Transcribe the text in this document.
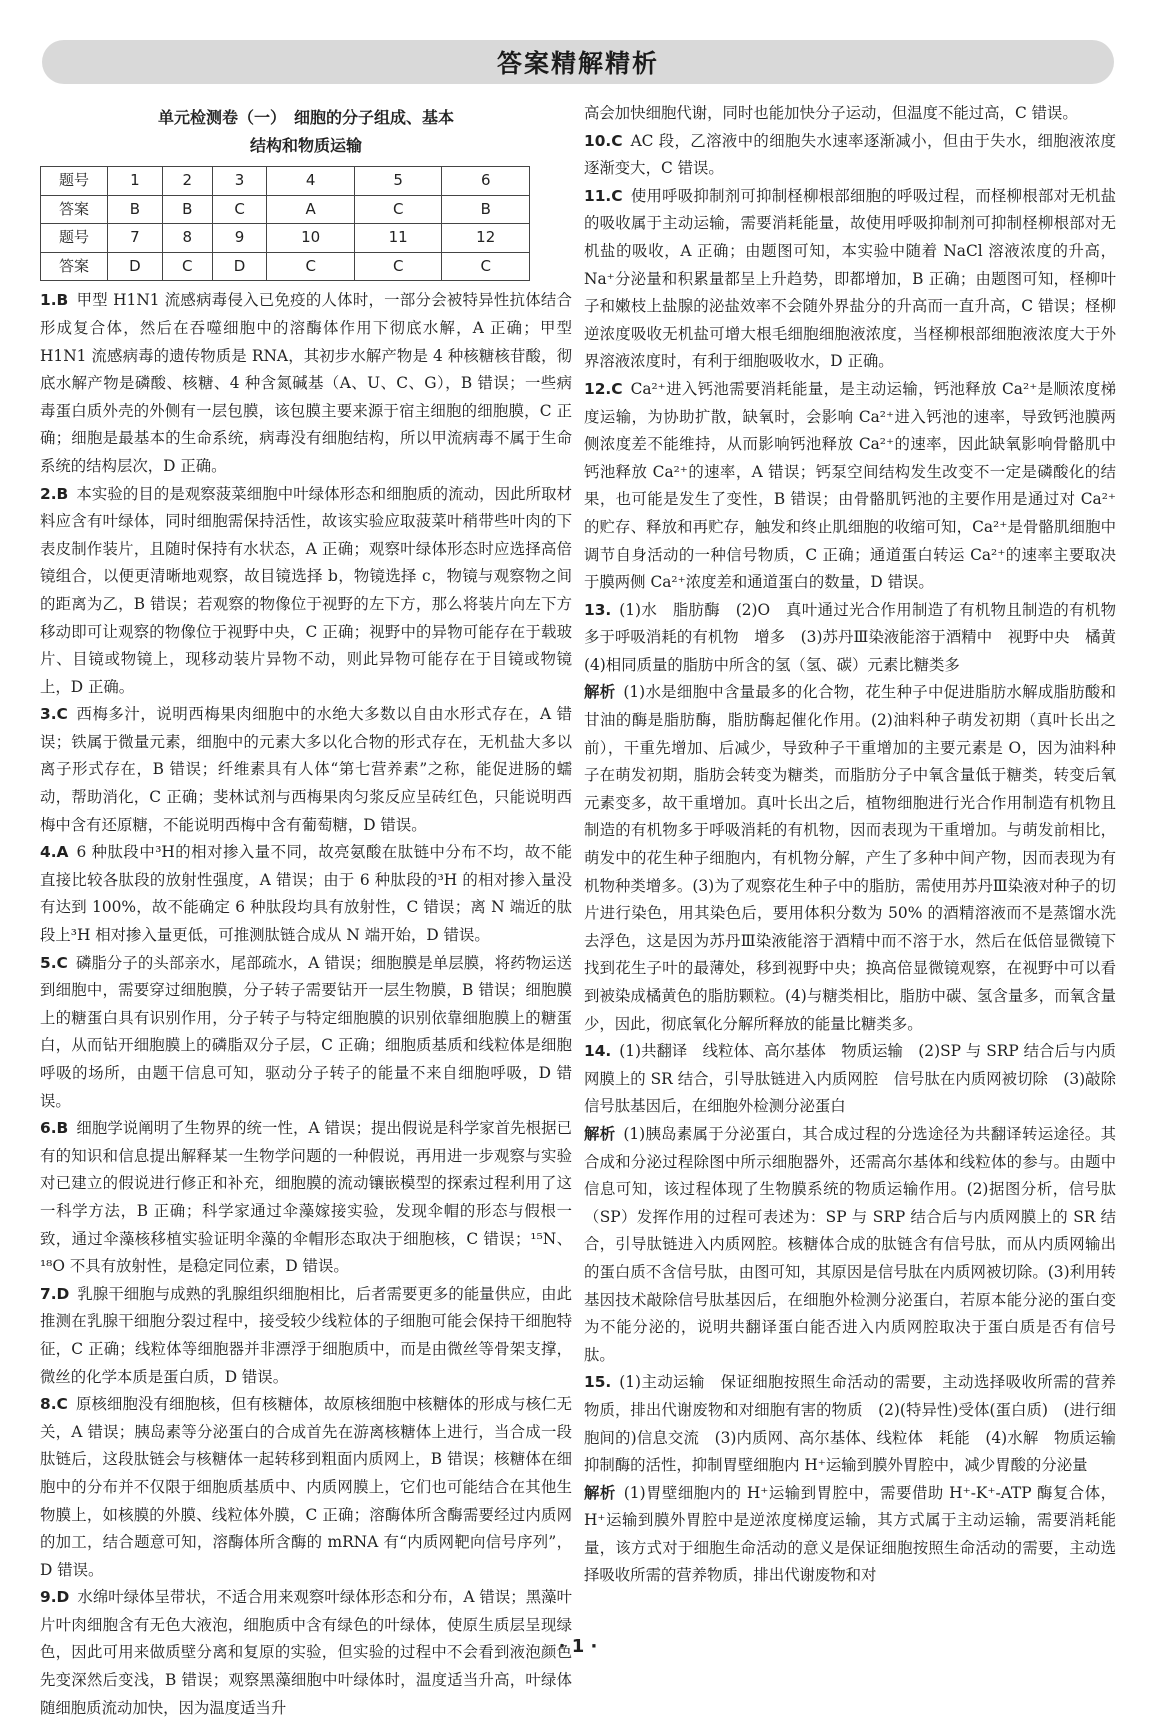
答案精解精析
单元检测卷（一）　细胞的分子组成、基本
结构和物质运输
题号	1	2	3	4	5	6
答案	B	B	C	A	C	B
题号	7	8	9	10	11	12
答案	D	C	D	C	C	C

1.B 甲型 H1N1 流感病毒侵入已免疫的人体时，一部分会被特异性抗体结合形成复合体，然后在吞噬细胞中的溶酶体作用下彻底水解，A 正确；甲型 H1N1 流感病毒的遗传物质是 RNA，其初步水解产物是 4 种核糖核苷酸，彻底水解产物是磷酸、核糖、4 种含氮碱基（A、U、C、G），B 错误；一些病毒蛋白质外壳的外侧有一层包膜，该包膜主要来源于宿主细胞的细胞膜，C 正确；细胞是最基本的生命系统，病毒没有细胞结构，所以甲流病毒不属于生命系统的结构层次，D 正确。

2.B 本实验的目的是观察菠菜细胞中叶绿体形态和细胞质的流动，因此所取材料应含有叶绿体，同时细胞需保持活性，故该实验应取菠菜叶稍带些叶肉的下表皮制作装片，且随时保持有水状态，A 正确；观察叶绿体形态时应选择高倍镜组合，以便更清晰地观察，故目镜选择 b，物镜选择 c，物镜与观察物之间的距离为乙，B 错误；若观察的物像位于视野的左下方，那么将装片向左下方移动即可让观察的物像位于视野中央，C 正确；视野中的异物可能存在于载玻片、目镜或物镜上，现移动装片异物不动，则此异物可能存在于目镜或物镜上，D 正确。

3.C 西梅多汁，说明西梅果肉细胞中的水绝大多数以自由水形式存在，A 错误；铁属于微量元素，细胞中的元素大多以化合物的形式存在，无机盐大多以离子形式存在，B 错误；纤维素具有人体“第七营养素”之称，能促进肠的蠕动，帮助消化，C 正确；斐林试剂与西梅果肉匀浆反应呈砖红色，只能说明西梅中含有还原糖，不能说明西梅中含有葡萄糖，D 错误。

4.A 6 种肽段中³H的相对掺入量不同，故亮氨酸在肽链中分布不均，故不能直接比较各肽段的放射性强度，A 错误；由于 6 种肽段的³H 的相对掺入量没有达到 100%，故不能确定 6 种肽段均具有放射性，C 错误；离 N 端近的肽段上³H 相对掺入量更低，可推测肽链合成从 N 端开始，D 错误。

5.C 磷脂分子的头部亲水，尾部疏水，A 错误；细胞膜是单层膜，将药物运送到细胞中，需要穿过细胞膜，分子转子需要钻开一层生物膜，B 错误；细胞膜上的糖蛋白具有识别作用，分子转子与特定细胞膜的识别依靠细胞膜上的糖蛋白，从而钻开细胞膜上的磷脂双分子层，C 正确；细胞质基质和线粒体是细胞呼吸的场所，由题干信息可知，驱动分子转子的能量不来自细胞呼吸，D 错误。

6.B 细胞学说阐明了生物界的统一性，A 错误；提出假说是科学家首先根据已有的知识和信息提出解释某一生物学问题的一种假说，再用进一步观察与实验对已建立的假说进行修正和补充，细胞膜的流动镶嵌模型的探索过程利用了这一科学方法，B 正确；科学家通过伞藻嫁接实验，发现伞帽的形态与假根一致，通过伞藻核移植实验证明伞藻的伞帽形态取决于细胞核，C 错误；¹⁵N、¹⁸O 不具有放射性，是稳定同位素，D 错误。

7.D 乳腺干细胞与成熟的乳腺组织细胞相比，后者需要更多的能量供应，由此推测在乳腺干细胞分裂过程中，接受较少线粒体的子细胞可能会保持干细胞特征，C 正确；线粒体等细胞器并非漂浮于细胞质中，而是由微丝等骨架支撑，微丝的化学本质是蛋白质，D 错误。

8.C 原核细胞没有细胞核，但有核糖体，故原核细胞中核糖体的形成与核仁无关，A 错误；胰岛素等分泌蛋白的合成首先在游离核糖体上进行，当合成一段肽链后，这段肽链会与核糖体一起转移到粗面内质网上，B 错误；核糖体在细胞中的分布并不仅限于细胞质基质中、内质网膜上，它们也可能结合在其他生物膜上，如核膜的外膜、线粒体外膜，C 正确；溶酶体所含酶需要经过内质网的加工，结合题意可知，溶酶体所含酶的 mRNA 有“内质网靶向信号序列”，D 错误。

9.D 水绵叶绿体呈带状，不适合用来观察叶绿体形态和分布，A 错误；黑藻叶片叶肉细胞含有无色大液泡，细胞质中含有绿色的叶绿体，使原生质层呈现绿色，因此可用来做质壁分离和复原的实验，但实验的过程中不会看到液泡颜色先变深然后变浅，B 错误；观察黑藻细胞中叶绿体时，温度适当升高，叶绿体随细胞质流动加快，因为温度适当升

高会加快细胞代谢，同时也能加快分子运动，但温度不能过高，C 错误。

10.C AC 段，乙溶液中的细胞失水速率逐渐减小，但由于失水，细胞液浓度逐渐变大，C 错误。

11.C 使用呼吸抑制剂可抑制柽柳根部细胞的呼吸过程，而柽柳根部对无机盐的吸收属于主动运输，需要消耗能量，故使用呼吸抑制剂可抑制柽柳根部对无机盐的吸收，A 正确；由题图可知，本实验中随着 NaCl 溶液浓度的升高，Na⁺分泌量和积累量都呈上升趋势，即都增加，B 正确；由题图可知，柽柳叶子和嫩枝上盐腺的泌盐效率不会随外界盐分的升高而一直升高，C 错误；柽柳逆浓度吸收无机盐可增大根毛细胞细胞液浓度，当柽柳根部细胞液浓度大于外界溶液浓度时，有利于细胞吸收水，D 正确。

12.C Ca²⁺进入钙池需要消耗能量，是主动运输，钙池释放 Ca²⁺是顺浓度梯度运输，为协助扩散，缺氧时，会影响 Ca²⁺进入钙池的速率，导致钙池膜两侧浓度差不能维持，从而影响钙池释放 Ca²⁺的速率，因此缺氧影响骨骼肌中钙池释放 Ca²⁺的速率，A 错误；钙泵空间结构发生改变不一定是磷酸化的结果，也可能是发生了变性，B 错误；由骨骼肌钙池的主要作用是通过对 Ca²⁺的贮存、释放和再贮存，触发和终止肌细胞的收缩可知，Ca²⁺是骨骼肌细胞中调节自身活动的一种信号物质，C 正确；通道蛋白转运 Ca²⁺的速率主要取决于膜两侧 Ca²⁺浓度差和通道蛋白的数量，D 错误。

13. (1)水　脂肪酶　(2)O　真叶通过光合作用制造了有机物且制造的有机物多于呼吸消耗的有机物　增多　(3)苏丹Ⅲ染液能溶于酒精中　视野中央　橘黄　(4)相同质量的脂肪中所含的氢（氢、碳）元素比糖类多

解析 (1)水是细胞中含量最多的化合物，花生种子中促进脂肪水解成脂肪酸和甘油的酶是脂肪酶，脂肪酶起催化作用。(2)油料种子萌发初期（真叶长出之前），干重先增加、后减少，导致种子干重增加的主要元素是 O，因为油料种子在萌发初期，脂肪会转变为糖类，而脂肪分子中氧含量低于糖类，转变后氧元素变多，故干重增加。真叶长出之后，植物细胞进行光合作用制造有机物且制造的有机物多于呼吸消耗的有机物，因而表现为干重增加。与萌发前相比，萌发中的花生种子细胞内，有机物分解，产生了多种中间产物，因而表现为有机物种类增多。(3)为了观察花生种子中的脂肪，需使用苏丹Ⅲ染液对种子的切片进行染色，用其染色后，要用体积分数为 50% 的酒精溶液而不是蒸馏水洗去浮色，这是因为苏丹Ⅲ染液能溶于酒精中而不溶于水，然后在低倍显微镜下找到花生子叶的最薄处，移到视野中央；换高倍显微镜观察，在视野中可以看到被染成橘黄色的脂肪颗粒。(4)与糖类相比，脂肪中碳、氢含量多，而氧含量少，因此，彻底氧化分解所释放的能量比糖类多。

14. (1)共翻译　线粒体、高尔基体　物质运输　(2)SP 与 SRP 结合后与内质网膜上的 SR 结合，引导肽链进入内质网腔　信号肽在内质网被切除　(3)敲除信号肽基因后，在细胞外检测分泌蛋白

解析 (1)胰岛素属于分泌蛋白，其合成过程的分选途径为共翻译转运途径。其合成和分泌过程除图中所示细胞器外，还需高尔基体和线粒体的参与。由题中信息可知，该过程体现了生物膜系统的物质运输作用。(2)据图分析，信号肽（SP）发挥作用的过程可表述为：SP 与 SRP 结合后与内质网膜上的 SR 结合，引导肽链进入内质网腔。核糖体合成的肽链含有信号肽，而从内质网输出的蛋白质不含信号肽，由图可知，其原因是信号肽在内质网被切除。(3)利用转基因技术敲除信号肽基因后，在细胞外检测分泌蛋白，若原本能分泌的蛋白变为不能分泌的，说明共翻译蛋白能否进入内质网腔取决于蛋白质是否有信号肽。

15. (1)主动运输　保证细胞按照生命活动的需要，主动选择吸收所需的营养物质，排出代谢废物和对细胞有害的物质　(2)(特异性)受体(蛋白质)　(进行细胞间的)信息交流　(3)内质网、高尔基体、线粒体　耗能　(4)水解　物质运输　抑制酶的活性，抑制胃壁细胞内 H⁺运输到膜外胃腔中，减少胃酸的分泌量

解析 (1)胃壁细胞内的 H⁺运输到胃腔中，需要借助 H⁺-K⁺-ATP 酶复合体，H⁺运输到膜外胃腔中是逆浓度梯度运输，其方式属于主动运输，需要消耗能量，该方式对于细胞生命活动的意义是保证细胞按照生命活动的需要，主动选择吸收所需的营养物质，排出代谢废物和对

· 1 ·
